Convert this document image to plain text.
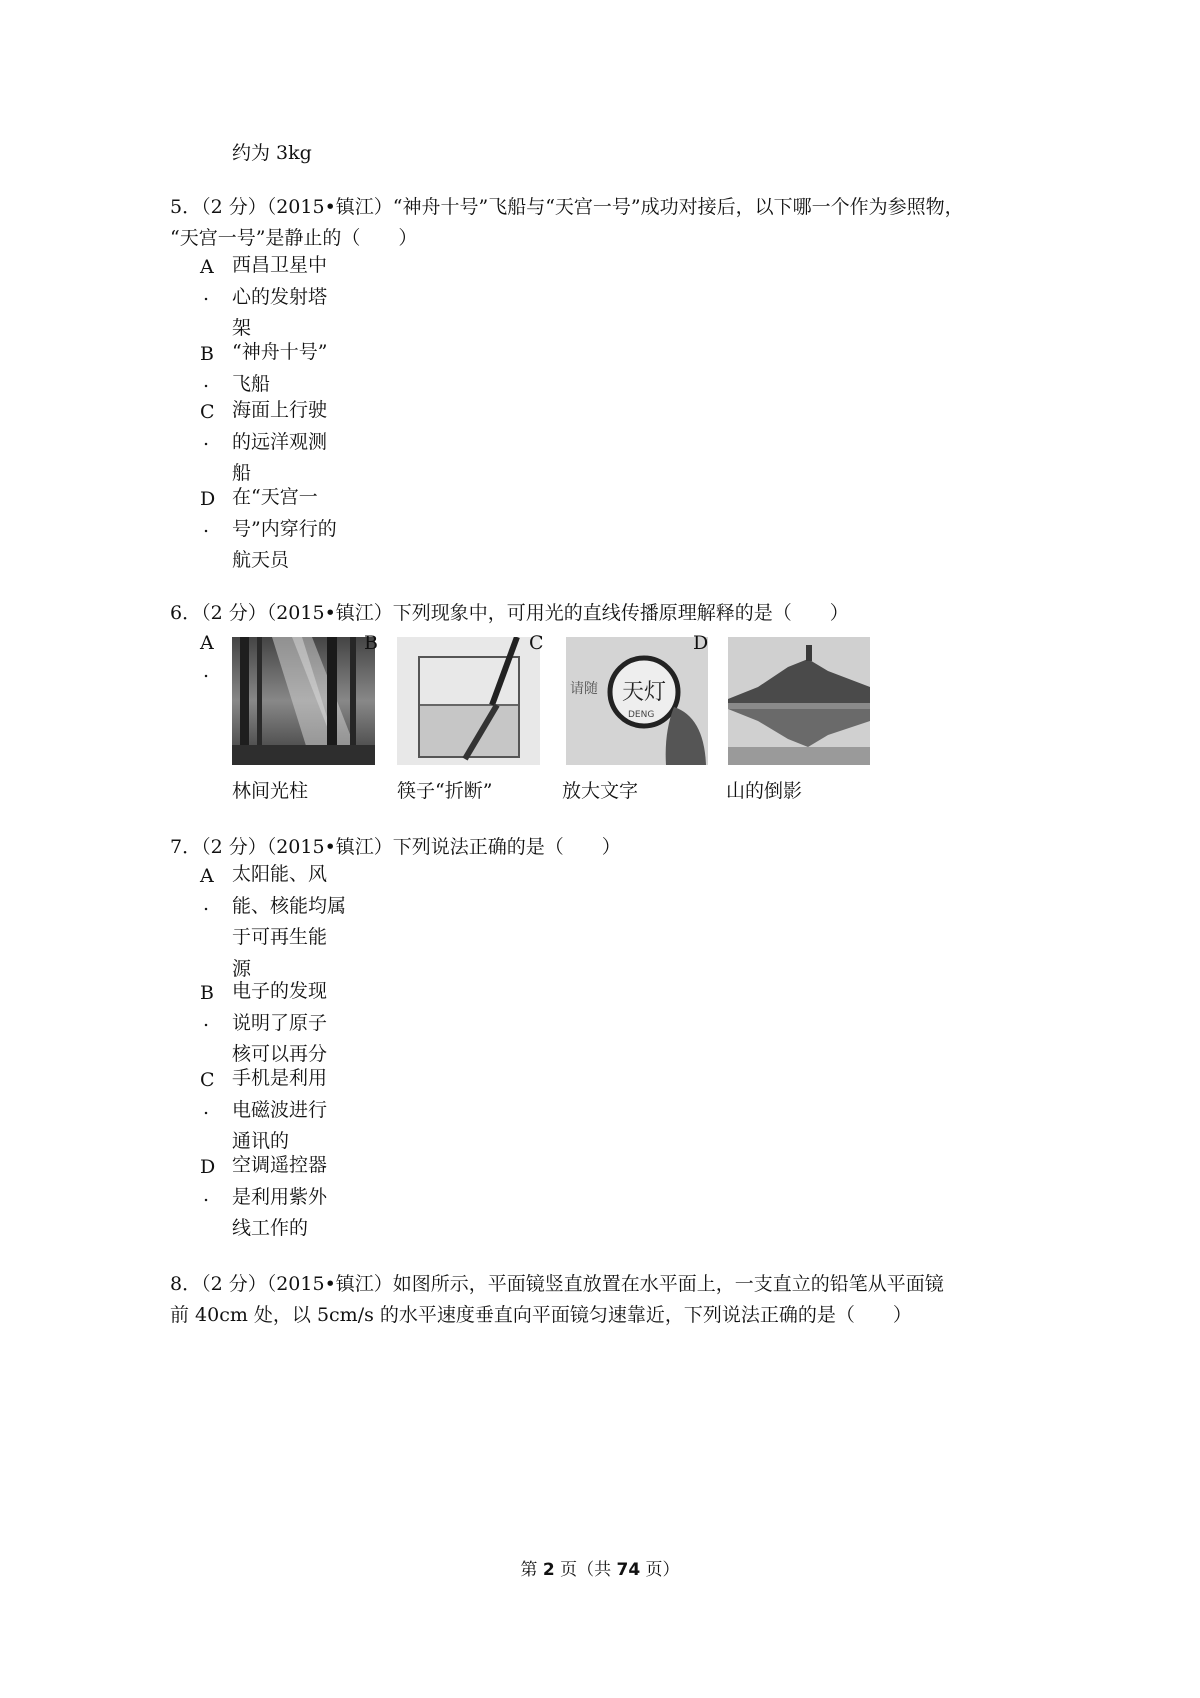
约为 3kg
5．（2 分）（2015•镇江）“神舟十号”飞船与“天宫一号”成功对接后，以下哪一个作为参照物，
“天宫一号”是静止的（　　）
A
.
西昌卫星中
心的发射塔
架
B
.
“神舟十号”
飞船
C
.
海面上行驶
的远洋观测
船
D
.
在“天宫一
号”内穿行的
航天员
6．（2 分）（2015•镇江）下列现象中，可用光的直线传播原理解释的是（　　）
A
.
林间光柱
B
筷子“折断”
C
请随 天灯
DENG
放大文字
D
山的倒影
7．（2 分）（2015•镇江）下列说法正确的是（　　）
A
.
太阳能、风
能、核能均属
于可再生能
源
B
.
电子的发现
说明了原子
核可以再分
C
.
手机是利用
电磁波进行
通讯的
D
.
空调遥控器
是利用紫外
线工作的
8．（2 分）（2015•镇江）如图所示，平面镜竖直放置在水平面上，一支直立的铅笔从平面镜
前 40cm 处，以 5cm/s 的水平速度垂直向平面镜匀速靠近，下列说法正确的是（　　）
第 2 页（共 74 页）
